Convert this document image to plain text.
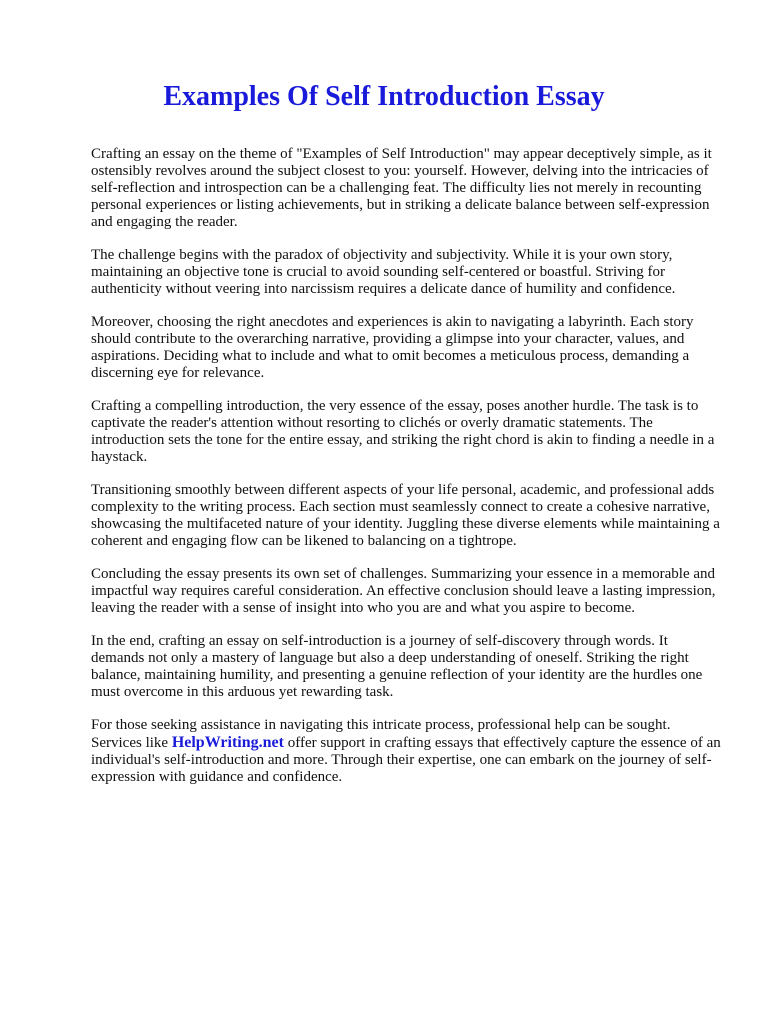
Examples Of Self Introduction Essay

Crafting an essay on the theme of "Examples of Self Introduction" may appear deceptively simple, as it ostensibly revolves around the subject closest to you: yourself. However, delving into the intricacies of self-reflection and introspection can be a challenging feat. The difficulty lies not merely in recounting personal experiences or listing achievements, but in striking a delicate balance between self-expression and engaging the reader.

The challenge begins with the paradox of objectivity and subjectivity. While it is your own story, maintaining an objective tone is crucial to avoid sounding self-centered or boastful. Striving for authenticity without veering into narcissism requires a delicate dance of humility and confidence.

Moreover, choosing the right anecdotes and experiences is akin to navigating a labyrinth. Each story should contribute to the overarching narrative, providing a glimpse into your character, values, and aspirations. Deciding what to include and what to omit becomes a meticulous process, demanding a discerning eye for relevance.

Crafting a compelling introduction, the very essence of the essay, poses another hurdle. The task is to captivate the reader's attention without resorting to clichés or overly dramatic statements. The introduction sets the tone for the entire essay, and striking the right chord is akin to finding a needle in a haystack.

Transitioning smoothly between different aspects of your life personal, academic, and professional adds complexity to the writing process. Each section must seamlessly connect to create a cohesive narrative, showcasing the multifaceted nature of your identity. Juggling these diverse elements while maintaining a coherent and engaging flow can be likened to balancing on a tightrope.

Concluding the essay presents its own set of challenges. Summarizing your essence in a memorable and impactful way requires careful consideration. An effective conclusion should leave a lasting impression, leaving the reader with a sense of insight into who you are and what you aspire to become.

In the end, crafting an essay on self-introduction is a journey of self-discovery through words. It demands not only a mastery of language but also a deep understanding of oneself. Striking the right balance, maintaining humility, and presenting a genuine reflection of your identity are the hurdles one must overcome in this arduous yet rewarding task.

For those seeking assistance in navigating this intricate process, professional help can be sought. Services like HelpWriting.net offer support in crafting essays that effectively capture the essence of an individual's self-introduction and more. Through their expertise, one can embark on the journey of self-expression with guidance and confidence.
